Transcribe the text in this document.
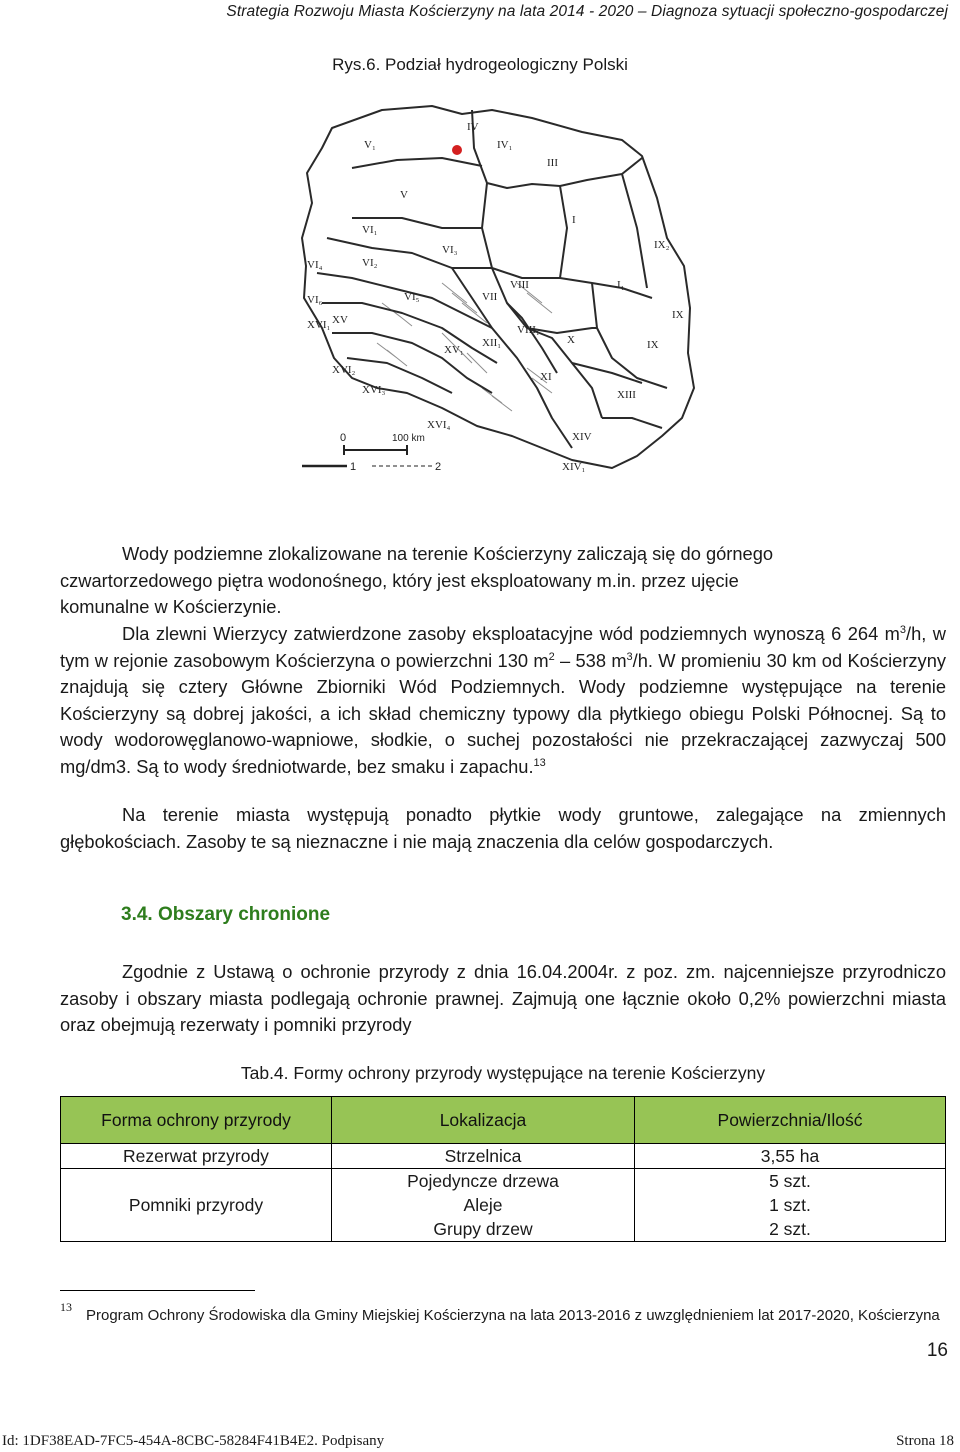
Strategia Rozwoju Miasta Kościerzyny na lata 2014 - 2020 – Diagnoza sytuacji społeczno-gospodarczej
Rys.6. Podział hydrogeologiczny Polski
IV
IV₁
V₁
V
III
I
IX₂
VI₁
VI₂
VI₃
VI₄
VI₅
VI₆	VII
VIII	I₁
XVI₁ XV	IX
XV₁
VIII₁
X	IX
XVI₂
XII₁
XVI₃
XVI₄
XI
XIII
XIV
XIV₁
0	100 km
1	2

Wody podziemne zlokalizowane na terenie Kościerzyny zaliczają się do górnego

czwartorzedowego piętra wodonośnego, który jest eksploatowany m.in. przez ujęcie

komunalne w Kościerzynie.

Dla zlewni Wierzycy zatwierdzone zasoby eksploatacyjne wód podziemnych wynoszą 6 264 $m^3/h$, w tym w rejonie zasobowym Kościerzyna o powierzchni 130 $m^2 - 538$ $m^3/h$. W promieniu 30 km od Kościerzyny znajdują się cztery Główne Zbiorniki Wód Podziemnych. Wody podziemne występujące na terenie Kościerzyny są dobrej jakości, a ich skład chemiczny typowy dla płytkiego obiegu Polski Północnej. Są to wody wodorowęglanowo-wapniowe, słodkie, o suchej pozostałości nie przekraczającej zazwyczaj 500 mg/dm3. Są to wody średniotwarde, bez smaku i zapachu.$^{13}$
Na terenie miasta występują ponadto płytkie wody gruntowe, zalegające na zmiennych głębokościach. Zasoby te są nieznaczne i nie mają znaczenia dla celów gospodarczych.
3.4. Obszary chronione
Zgodnie z Ustawą o ochronie przyrody z dnia 16.04.2004r. z poz. zm. najcenniejsze przyrodniczo zasoby i obszary miasta podlegają ochronie prawnej. Zajmują one łącznie około 0,2% powierzchni miasta oraz obejmują rezerwaty i pomniki przyrody
Tab.4. Formy ochrony przyrody występujące na terenie Kościerzyny
Forma ochrony przyrody	Lokalizacja	Powierzchnia/Ilość
Rezerwat przyrody	Strzelnica	3,55 ha
Pomniki przyrody	Pojedyncze drzewa	5 szt.
	Aleje	1 szt.
	Grupy drzew	2 szt.
13 Program Ochrony Środowiska dla Gminy Miejskiej Kościerzyna na lata 2013-2016 z uwzględnieniem lat 2017-2020, Kościerzyna
16
Id: 1DF38EAD-7FC5-454A-8CBC-58284F41B4E2. Podpisany	Strona 18
